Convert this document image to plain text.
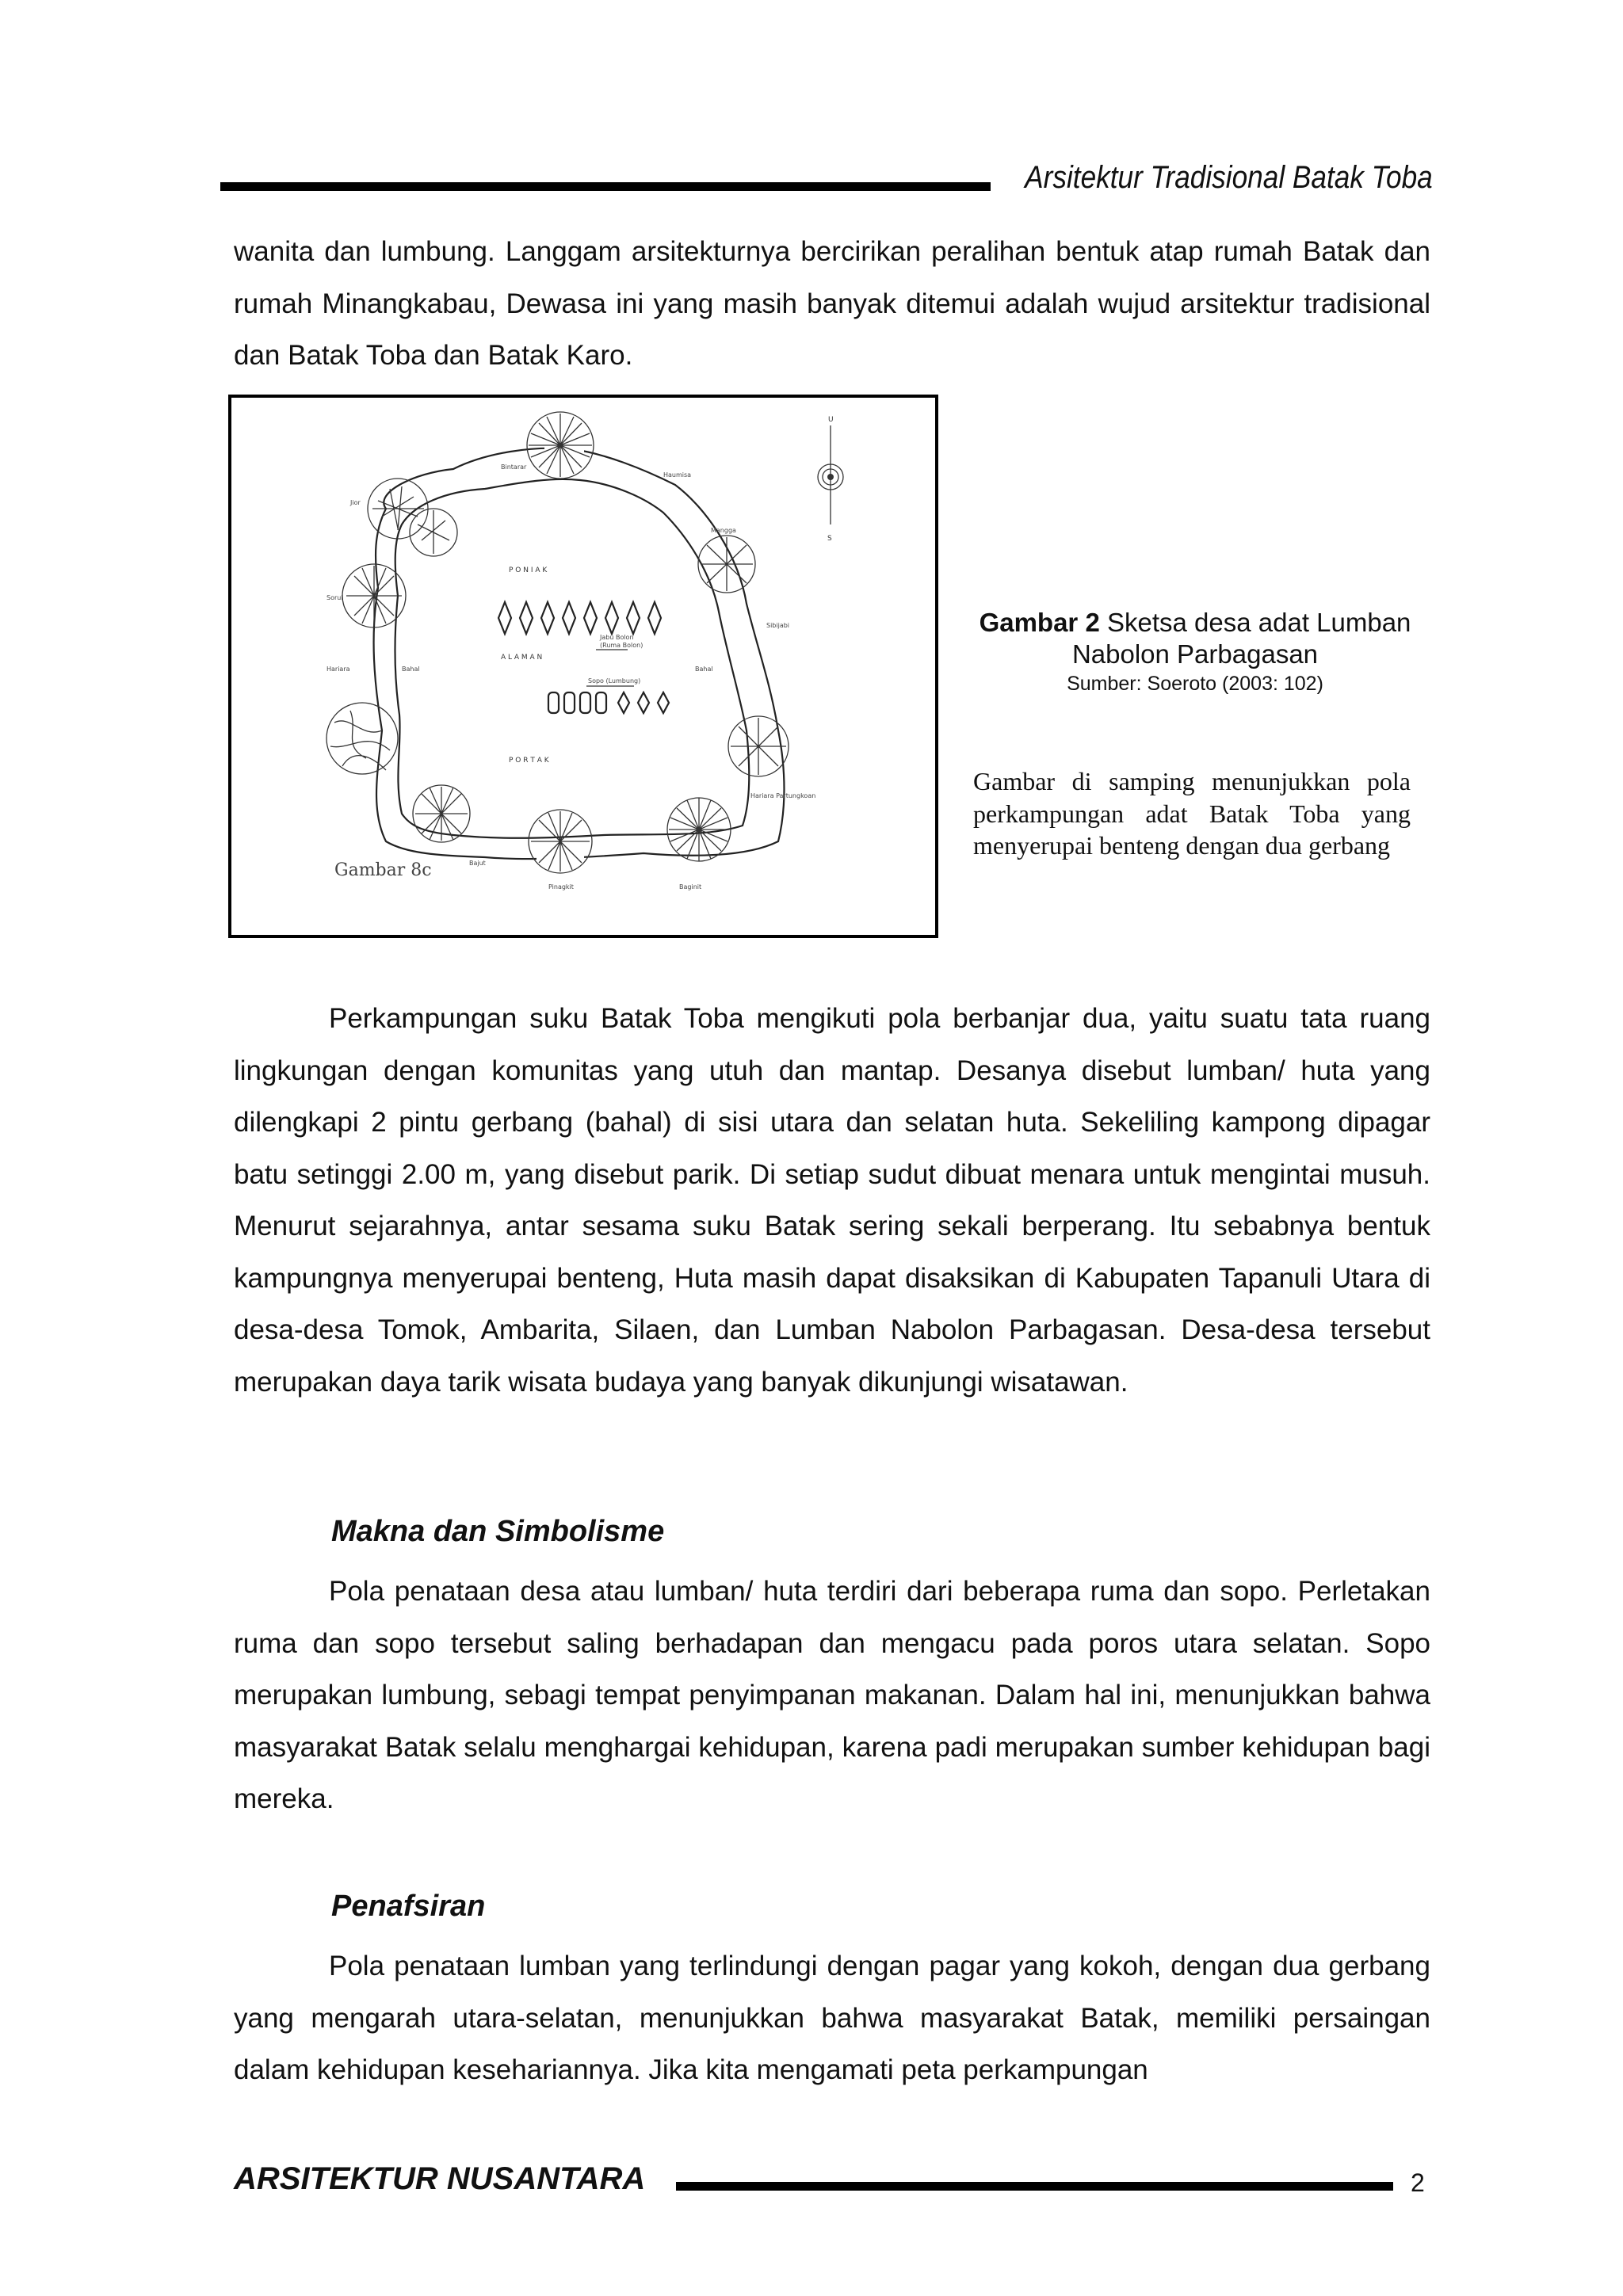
Arsitektur Tradisional Batak Toba

wanita dan lumbung. Langgam arsitekturnya bercirikan peralihan bentuk atap rumah Batak dan rumah Minangkabau, Dewasa ini yang masih banyak ditemui adalah wujud arsitektur tradisional dan Batak Toba dan Batak Karo.

P O N I A K
A L A M A N
P O R T A K
Jabu Bolon
(Ruma Bolon)
Sopo (Lumbung)
Bintarar
Haumisa
Jior
Mangga
Sorul
Hariara	Bahal	Bahal
Hariara Partungkoan
Bajut
Pinagkit	Baginit
Sibijabi
U
S
Gambar 8c
Gambar 2 Sketsa desa adat Lumban Nabolon Parbagasan
Sumber: Soeroto (2003: 102)

Gambar di samping menunjukkan pola perkampungan adat Batak Toba yang menyerupai benteng dengan dua gerbang

Perkampungan suku Batak Toba mengikuti pola berbanjar dua, yaitu suatu tata ruang lingkungan dengan komunitas yang utuh dan mantap. Desanya disebut lumban/ huta yang dilengkapi 2 pintu gerbang (bahal) di sisi utara dan selatan huta. Sekeliling kampong dipagar batu setinggi 2.00 m, yang disebut parik. Di setiap sudut dibuat menara untuk mengintai musuh. Menurut sejarahnya, antar sesama suku Batak sering sekali berperang. Itu sebabnya bentuk kampungnya menyerupai benteng, Huta masih dapat disaksikan di Kabupaten Tapanuli Utara di desa-desa Tomok, Ambarita, Silaen, dan Lumban Nabolon Parbagasan. Desa-desa tersebut merupakan daya tarik wisata budaya yang banyak dikunjungi wisatawan.

Makna dan Simbolisme

Pola penataan desa atau lumban/ huta terdiri dari beberapa ruma dan sopo. Perletakan ruma dan sopo tersebut saling berhadapan dan mengacu pada poros utara selatan. Sopo merupakan lumbung, sebagi tempat penyimpanan makanan. Dalam hal ini, menunjukkan bahwa masyarakat Batak selalu menghargai kehidupan, karena padi merupakan sumber kehidupan bagi mereka.

Penafsiran

Pola penataan lumban yang terlindungi dengan pagar yang kokoh, dengan dua gerbang yang mengarah utara-selatan, menunjukkan bahwa masyarakat Batak, memiliki persaingan dalam kehidupan kesehariannya. Jika kita mengamati peta perkampungan

ARSITEKTUR NUSANTARA	2
